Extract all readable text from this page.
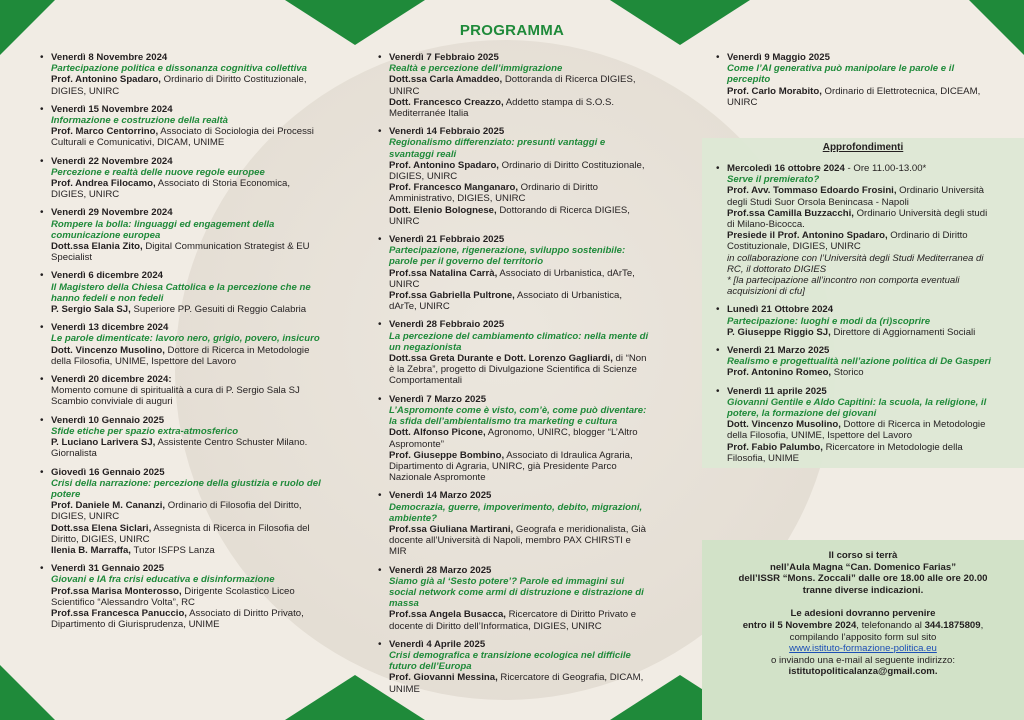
PROGRAMMA
• Venerdì 8 Novembre 2024
Partecipazione politica e dissonanza cognitiva collettiva
Prof. Antonino Spadaro, Ordinario di Diritto Costituzionale, DIGIES, UNIRC
• Venerdì 15 Novembre 2024
Informazione e costruzione della realtà
Prof. Marco Centorrino, Associato di Sociologia dei Processi Culturali e Comunicativi, DICAM, UNIME
• Venerdì 22 Novembre 2024
Percezione e realtà delle nuove regole europee
Prof. Andrea Filocamo, Associato di Storia Economica, DIGIES, UNIRC
• Venerdì 29 Novembre 2024
Rompere la bolla: linguaggi ed engagement della comunicazione europea
Dott.ssa Elania Zito, Digital Communication Strategist & EU Specialist
• Venerdì 6 dicembre 2024
Il Magistero della Chiesa Cattolica e la percezione che ne hanno fedeli e non fedeli
P. Sergio Sala SJ, Superiore PP. Gesuiti di Reggio Calabria
• Venerdì 13 dicembre 2024
Le parole dimenticate: lavoro nero, grigio, povero, insicuro
Dott. Vincenzo Musolino, Dottore di Ricerca in Metodologie della Filosofia, UNIME, Ispettore del Lavoro
• Venerdì 20 dicembre 2024:
Momento comune di spiritualità a cura di P. Sergio Sala SJ Scambio conviviale di auguri
• Venerdì 10 Gennaio 2025
Sfide etiche per spazio extra-atmosferico
P. Luciano Larivera SJ, Assistente Centro Schuster Milano. Giornalista
• Giovedì 16 Gennaio 2025
Crisi della narrazione: percezione della giustizia e ruolo del potere
Prof. Daniele M. Cananzi, Ordinario di Filosofia del Diritto, DIGIES, UNIRC
Dott.ssa Elena Siclari, Assegnista di Ricerca in Filosofia del Diritto, DIGIES, UNIRC
Ilenia B. Marraffa, Tutor ISFPS Lanza
• Venerdì 31 Gennaio 2025
Giovani e IA fra crisi educativa e disinformazione
Prof.ssa Marisa Monterosso, Dirigente Scolastico Liceo Scientifico “Alessandro Volta”, RC
Prof.ssa Francesca Panuccio, Associato di Diritto Privato, Dipartimento di Giurisprudenza, UNIME
• Venerdì 7 Febbraio 2025
Realtà e percezione dell’immigrazione
Dott.ssa Carla Amaddeo, Dottoranda di Ricerca DIGIES, UNIRC
Dott. Francesco Creazzo, Addetto stampa di S.O.S. Mediterranée Italia
• Venerdì 14 Febbraio 2025
Regionalismo differenziato: presunti vantaggi e svantaggi reali
Prof. Antonino Spadaro, Ordinario di Diritto Costituzionale, DIGIES, UNIRC
Prof. Francesco Manganaro, Ordinario di Diritto Amministrativo, DIGIES, UNIRC
Dott. Elenio Bolognese, Dottorando di Ricerca DIGIES, UNIRC
• Venerdì 21 Febbraio 2025
Partecipazione, rigenerazione, sviluppo sostenibile: parole per il governo del territorio
Prof.ssa Natalina Carrà, Associato di Urbanistica, dArTe, UNIRC
Prof.ssa Gabriella Pultrone, Associato di Urbanistica, dArTe, UNIRC
• Venerdì 28 Febbraio 2025
La percezione del cambiamento climatico: nella mente di un negazionista
Dott.ssa Greta Durante e Dott. Lorenzo Gagliardi, di “Non è la Zebra”, progetto di Divulgazione Scientifica di Scienze Comportamentali
• Venerdì 7 Marzo 2025
L’Aspromonte come è visto, com’è, come può diventare: la sfida dell’ambientalismo tra marketing e cultura
Dott. Alfonso Picone, Agronomo, UNIRC, blogger “L’Altro Aspromonte”
Prof. Giuseppe Bombino, Associato di Idraulica Agraria, Dipartimento di Agraria, UNIRC, già Presidente Parco Nazionale Aspromonte
• Venerdì 14 Marzo 2025
Democrazia, guerre, impoverimento, debito, migrazioni, ambiente?
Prof.ssa Giuliana Martirani, Geografa e meridionalista, Già docente all’Università di Napoli, membro PAX CHIRSTI e MIR
• Venerdì 28 Marzo 2025
Siamo già al ‘Sesto potere’? Parole ed immagini sui social network come armi di distruzione e distrazione di massa
Prof.ssa Angela Busacca, Ricercatore di Diritto Privato e docente di Diritto dell’Informatica, DIGIES, UNIRC
• Venerdì 4 Aprile 2025
Crisi demografica e transizione ecologica nel difficile futuro dell’Europa
Prof. Giovanni Messina, Ricercatore di Geografia, DICAM, UNIME
• Venerdì 9 Maggio 2025
Come l’AI generativa può manipolare le parole e il percepito
Prof. Carlo Morabito, Ordinario di Elettrotecnica, DICEAM, UNIRC
Approfondimenti
• Mercoledì 16 ottobre 2024 - Ore 11.00-13.00*
Serve il premierato?
Prof. Avv. Tommaso Edoardo Frosini, Ordinario Università degli Studi Suor Orsola Benincasa - Napoli
Prof.ssa Camilla Buzzacchi, Ordinario Università degli studi di Milano-Bicocca.
Presiede il Prof. Antonino Spadaro, Ordinario di Diritto Costituzionale, DIGIES, UNIRC
in collaborazione con l’Università degli Studi Mediterranea di RC, il dottorato DIGIES
* [la partecipazione all’incontro non comporta eventuali acquisizioni di cfu]
• Lunedì 21 Ottobre 2024
Partecipazione: luoghi e modi da (ri)scoprire
P. Giuseppe Riggio SJ, Direttore di Aggiornamenti Sociali
• Venerdì 21 Marzo 2025
Realismo e progettualità nell’azione politica di De Gasperi
Prof. Antonino Romeo, Storico
• Venerdì 11 aprile 2025
Giovanni Gentile e Aldo Capitini: la scuola, la religione, il potere, la formazione dei giovani
Dott. Vincenzo Musolino, Dottore di Ricerca in Metodologie della Filosofia, UNIME, Ispettore del Lavoro
Prof. Fabio Palumbo, Ricercatore in Metodologie della Filosofia, UNIME
Il corso si terrà
nell’Aula Magna “Can. Domenico Farias”
dell’ISSR “Mons. Zoccali” dalle ore 18.00 alle ore 20.00
tranne diverse indicazioni.
Le adesioni dovranno pervenire
entro il 5 Novembre 2024, telefonando al 344.1875809,
compilando l’apposito form sul sito
www.istituto-formazione-politica.eu
o inviando una e-mail al seguente indirizzo:
istitutopoliticalanza@gmail.com.
